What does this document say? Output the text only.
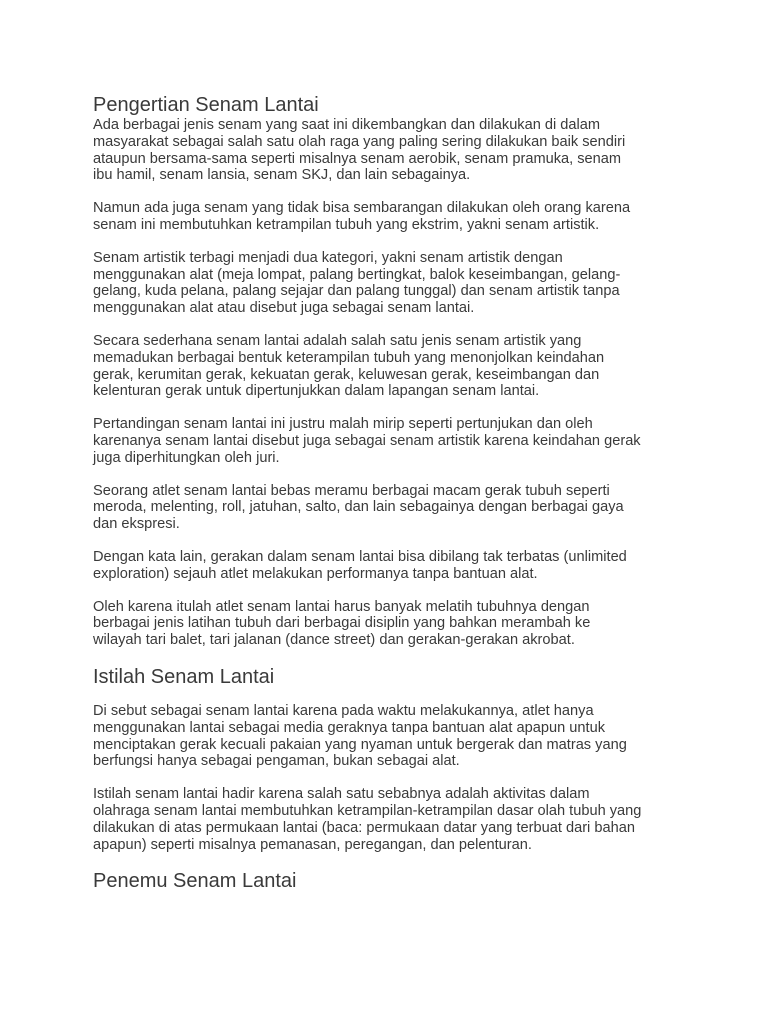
Pengertian Senam Lantai

Ada berbagai jenis senam yang saat ini dikembangkan dan dilakukan di dalam
masyarakat sebagai salah satu olah raga yang paling sering dilakukan baik sendiri
ataupun bersama-sama seperti misalnya senam aerobik, senam pramuka, senam
ibu hamil, senam lansia, senam SKJ, dan lain sebagainya.

Namun ada juga senam yang tidak bisa sembarangan dilakukan oleh orang karena
senam ini membutuhkan ketrampilan tubuh yang ekstrim, yakni senam artistik.

Senam artistik terbagi menjadi dua kategori, yakni senam artistik dengan
menggunakan alat (meja lompat, palang bertingkat, balok keseimbangan, gelang-
gelang, kuda pelana, palang sejajar dan palang tunggal) dan senam artistik tanpa
menggunakan alat atau disebut juga sebagai senam lantai.

Secara sederhana senam lantai adalah salah satu jenis senam artistik yang
memadukan berbagai bentuk keterampilan tubuh yang menonjolkan keindahan
gerak, kerumitan gerak, kekuatan gerak, keluwesan gerak, keseimbangan dan
kelenturan gerak untuk dipertunjukkan dalam lapangan senam lantai.

Pertandingan senam lantai ini justru malah mirip seperti pertunjukan dan oleh
karenanya senam lantai disebut juga sebagai senam artistik karena keindahan gerak
juga diperhitungkan oleh juri.

Seorang atlet senam lantai bebas meramu berbagai macam gerak tubuh seperti
meroda, melenting, roll, jatuhan, salto, dan lain sebagainya dengan berbagai gaya
dan ekspresi.

Dengan kata lain, gerakan dalam senam lantai bisa dibilang tak terbatas (unlimited
exploration) sejauh atlet melakukan performanya tanpa bantuan alat.

Oleh karena itulah atlet senam lantai harus banyak melatih tubuhnya dengan
berbagai jenis latihan tubuh dari berbagai disiplin yang bahkan merambah ke
wilayah tari balet, tari jalanan (dance street) dan gerakan-gerakan akrobat.

Istilah Senam Lantai

Di sebut sebagai senam lantai karena pada waktu melakukannya, atlet hanya
menggunakan lantai sebagai media geraknya tanpa bantuan alat apapun untuk
menciptakan gerak kecuali pakaian yang nyaman untuk bergerak dan matras yang
berfungsi hanya sebagai pengaman, bukan sebagai alat.

Istilah senam lantai hadir karena salah satu sebabnya adalah aktivitas dalam
olahraga senam lantai membutuhkan ketrampilan-ketrampilan dasar olah tubuh yang
dilakukan di atas permukaan lantai (baca: permukaan datar yang terbuat dari bahan
apapun) seperti misalnya pemanasan, peregangan, dan pelenturan.

Penemu Senam Lantai
